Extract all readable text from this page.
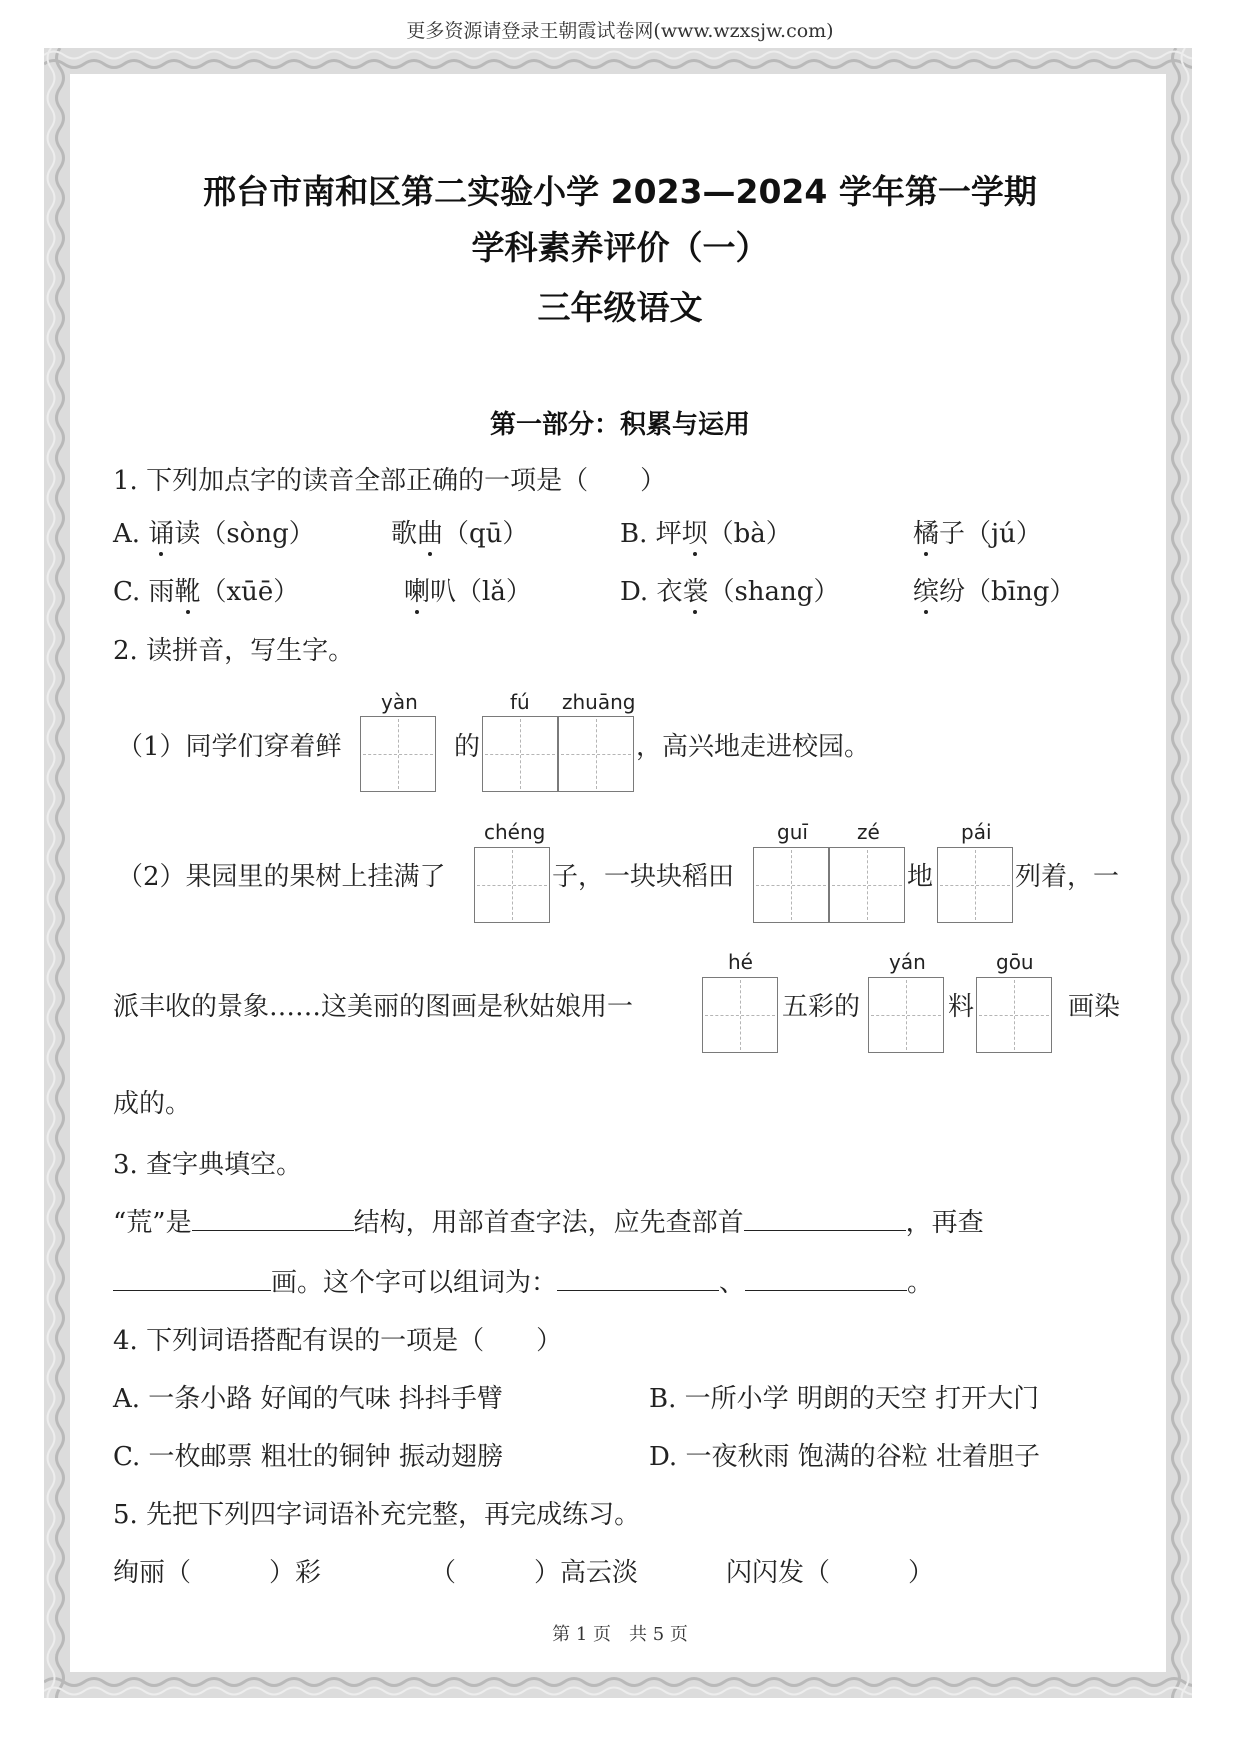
更多资源请登录王朝霞试卷网(www.wzxsjw.com)
邢台市南和区第二实验小学 2023—2024 学年第一学期
学科素养评价（一）
三年级语文
第一部分：积累与运用
1. 下列加点字的读音全部正确的一项是（　　）
A. 诵读（sòng）	歌曲（qū）	B. 坪坝（bà）	橘子（jú）
C. 雨靴（xūē）	喇叭（lǎ）	D. 衣裳（shang）	缤纷（bīng）
2. 读拼音，写生字。
（1）同学们穿着鲜
yàn
的
fú zhuāng
，高兴地走进校园。
（2）果园里的果树上挂满了
chéng
子，一块块稻田
guī zé
地
pái
列着，一
派丰收的景象……这美丽的图画是秋姑娘用一
hé
五彩的
yán
料
gōu
画染
成的。
3. 查字典填空。
“荒”是	结构，用部首查字法，应先查部首	，再查
画。这个字可以组词为：	、	。
4. 下列词语搭配有误的一项是（　　）
A. 一条小路 好闻的气味 抖抖手臂	B. 一所小学 明朗的天空 打开大门
C. 一枚邮票 粗壮的铜钟 振动翅膀	D. 一夜秋雨 饱满的谷粒 壮着胆子
5. 先把下列四字词语补充完整，再完成练习。
绚丽（　　　）彩	（　　　）高云淡	闪闪发（　　　）
第 1 页　共 5 页
